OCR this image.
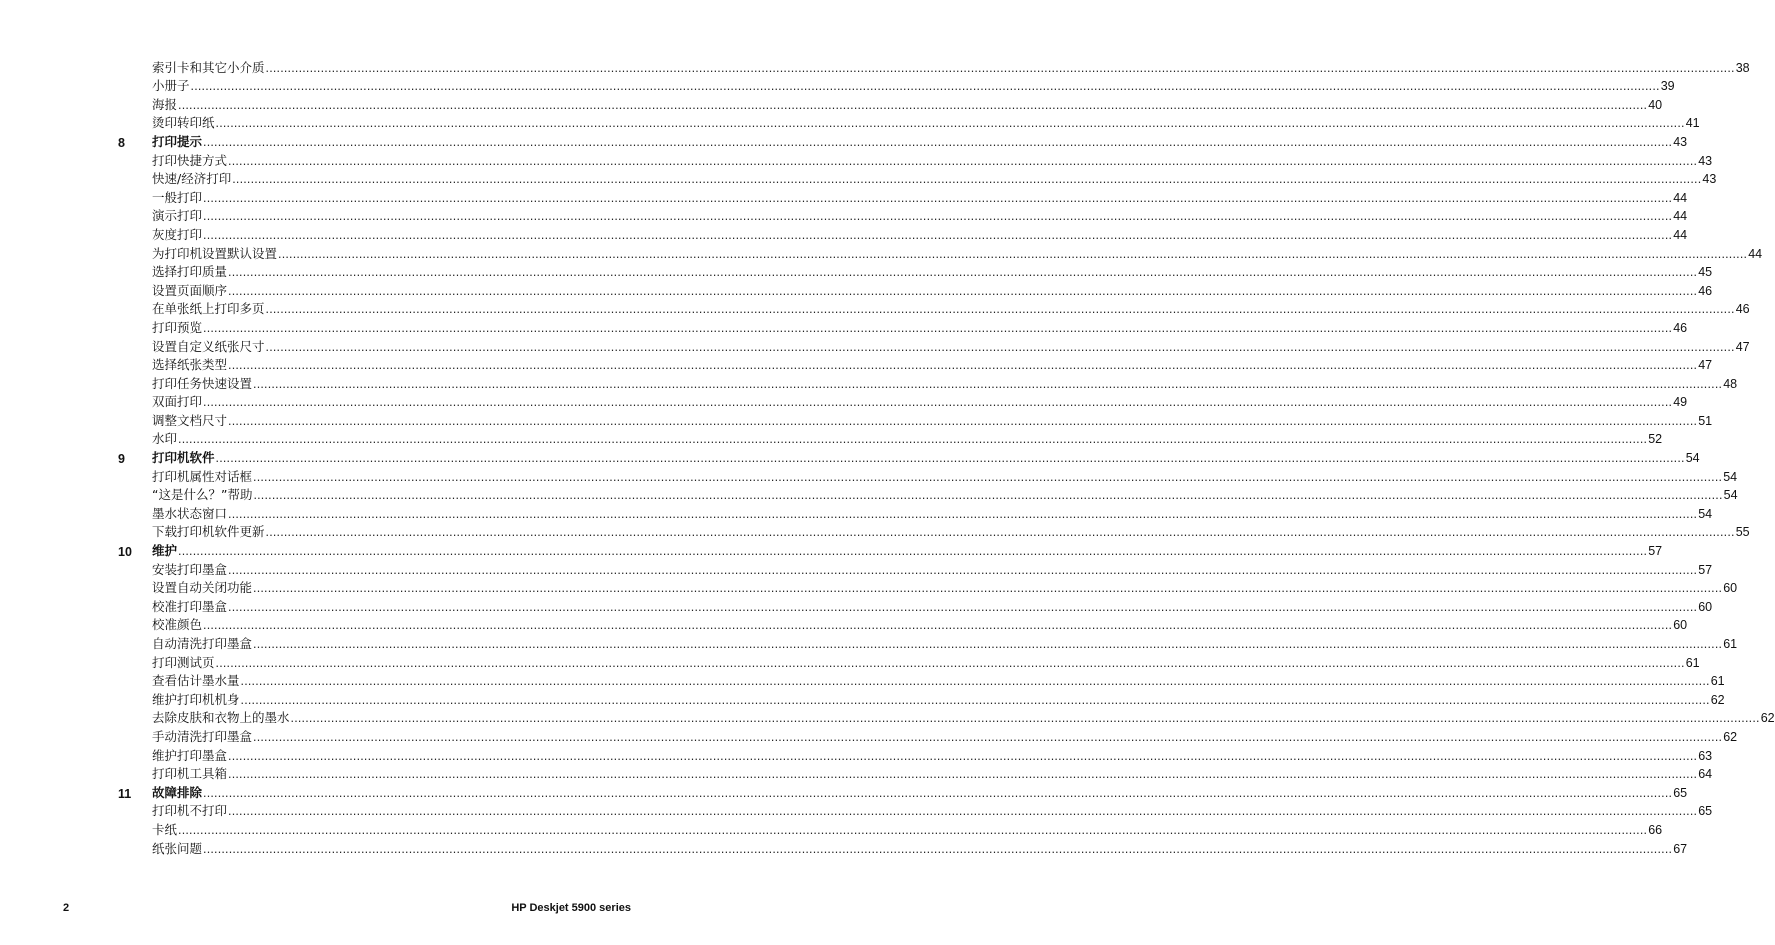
索引卡和其它小介质 ................................................................................................................................................................................................................................................................................................................................................................................................................ 38
小册子 ................................................................................................................................................................................................................................................................................................................................................................................................................ 39
海报 ................................................................................................................................................................................................................................................................................................................................................................................................................ 40
烫印转印纸 ................................................................................................................................................................................................................................................................................................................................................................................................................ 41
8	打印提示 ................................................................................................................................................................................................................................................................................................................................................................................................................ 43
打印快捷方式 ................................................................................................................................................................................................................................................................................................................................................................................................................ 43
快速/经济打印 ................................................................................................................................................................................................................................................................................................................................................................................................................ 43
一般打印 ................................................................................................................................................................................................................................................................................................................................................................................................................ 44
演示打印 ................................................................................................................................................................................................................................................................................................................................................................................................................ 44
灰度打印 ................................................................................................................................................................................................................................................................................................................................................................................................................ 44
为打印机设置默认设置 ................................................................................................................................................................................................................................................................................................................................................................................................................ 44
选择打印质量 ................................................................................................................................................................................................................................................................................................................................................................................................................ 45
设置页面顺序 ................................................................................................................................................................................................................................................................................................................................................................................................................ 46
在单张纸上打印多页 ................................................................................................................................................................................................................................................................................................................................................................................................................ 46
打印预览 ................................................................................................................................................................................................................................................................................................................................................................................................................ 46
设置自定义纸张尺寸 ................................................................................................................................................................................................................................................................................................................................................................................................................ 47
选择纸张类型 ................................................................................................................................................................................................................................................................................................................................................................................................................ 47
打印任务快速设置 ................................................................................................................................................................................................................................................................................................................................................................................................................ 48
双面打印 ................................................................................................................................................................................................................................................................................................................................................................................................................ 49
调整文档尺寸 ................................................................................................................................................................................................................................................................................................................................................................................................................ 51
水印 ................................................................................................................................................................................................................................................................................................................................................................................................................ 52
9	打印机软件 ................................................................................................................................................................................................................................................................................................................................................................................................................ 54
打印机属性对话框 ................................................................................................................................................................................................................................................................................................................................................................................................................ 54
“这是什么？”帮助 ................................................................................................................................................................................................................................................................................................................................................................................................................ 54
墨水状态窗口 ................................................................................................................................................................................................................................................................................................................................................................................................................ 54
下载打印机软件更新 ................................................................................................................................................................................................................................................................................................................................................................................................................ 55
10	维护 ................................................................................................................................................................................................................................................................................................................................................................................................................ 57
安装打印墨盒 ................................................................................................................................................................................................................................................................................................................................................................................................................ 57
设置自动关闭功能 ................................................................................................................................................................................................................................................................................................................................................................................................................ 60
校准打印墨盒 ................................................................................................................................................................................................................................................................................................................................................................................................................ 60
校准颜色 ................................................................................................................................................................................................................................................................................................................................................................................................................ 60
自动清洗打印墨盒 ................................................................................................................................................................................................................................................................................................................................................................................................................ 61
打印测试页 ................................................................................................................................................................................................................................................................................................................................................................................................................ 61
查看估计墨水量 ................................................................................................................................................................................................................................................................................................................................................................................................................ 61
维护打印机机身 ................................................................................................................................................................................................................................................................................................................................................................................................................ 62
去除皮肤和衣物上的墨水 ................................................................................................................................................................................................................................................................................................................................................................................................................ 62
手动清洗打印墨盒 ................................................................................................................................................................................................................................................................................................................................................................................................................ 62
维护打印墨盒 ................................................................................................................................................................................................................................................................................................................................................................................................................ 63
打印机工具箱 ................................................................................................................................................................................................................................................................................................................................................................................................................ 64
11	故障排除 ................................................................................................................................................................................................................................................................................................................................................................................................................ 65
打印机不打印 ................................................................................................................................................................................................................................................................................................................................................................................................................ 65
卡纸 ................................................................................................................................................................................................................................................................................................................................................................................................................ 66
纸张问题 ................................................................................................................................................................................................................................................................................................................................................................................................................ 67
2	HP Deskjet 5900 series
